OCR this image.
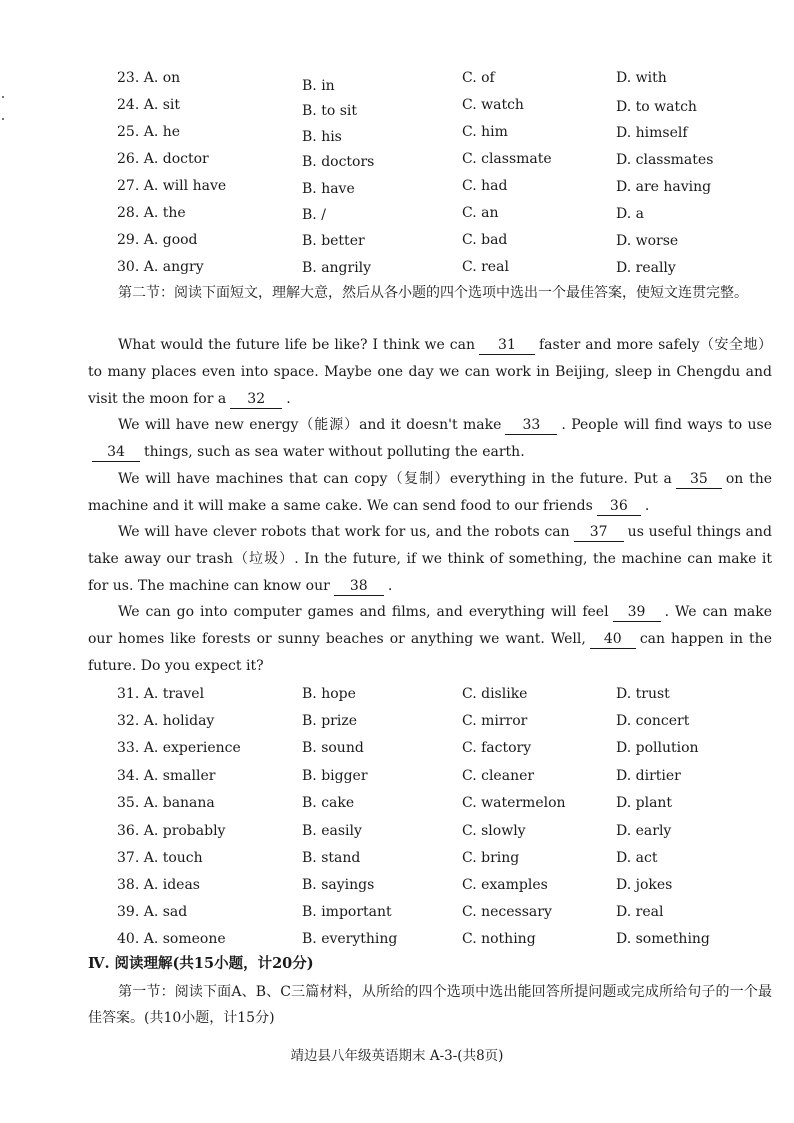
23. A. on	B. in	C. of	D. with
24. A. sit	B. to sit	C. watch	D. to watch
25. A. he	B. his	C. him	D. himself
26. A. doctor	B. doctors	C. classmate	D. classmates
27. A. will have	B. have	C. had	D. are having
28. A. the	B. /	C. an	D. a
29. A. good	B. better	C. bad	D. worse
30. A. angry	B. angrily	C. real	D. really
第二节：阅读下面短文，理解大意，然后从各小题的四个选项中选出一个最佳答案，使短文连贯完整。
What would the future life be like? I think we can 31 faster and more safely（安全地）to many places even into space. Maybe one day we can work in Beijing, sleep in Chengdu and visit the moon for a 32 .
We will have new energy（能源）and it doesn't make 33 . People will find ways to use34 things, such as sea water without polluting the earth.
We will have machines that can copy（复制）everything in the future. Put a 35 on the machine and it will make a same cake. We can send food to our friends 36 .
We will have clever robots that work for us, and the robots can 37 us useful things and take away our trash（垃圾）. In the future, if we think of something, the machine can make it for us. The machine can know our 38 .
We can go into computer games and films, and everything will feel 39 . We can make our homes like forests or sunny beaches or anything we want. Well, 40 can happen in the future. Do you expect it?
31. A. travel	B. hope	C. dislike	D. trust
32. A. holiday	B. prize	C. mirror	D. concert
33. A. experience	B. sound	C. factory	D. pollution
34. A. smaller	B. bigger	C. cleaner	D. dirtier
35. A. banana	B. cake	C. watermelon	D. plant
36. A. probably	B. easily	C. slowly	D. early
37. A. touch	B. stand	C. bring	D. act
38. A. ideas	B. sayings	C. examples	D. jokes
39. A. sad	B. important	C. necessary	D. real
40. A. someone	B. everything	C. nothing	D. something
Ⅳ. 阅读理解(共15小题，计20分)
第一节：阅读下面A、B、C三篇材料，从所给的四个选项中选出能回答所提问题或完成所给句子的一个最佳答案。(共10小题，计15分)
靖边县八年级英语期末 A-3-(共8页)
